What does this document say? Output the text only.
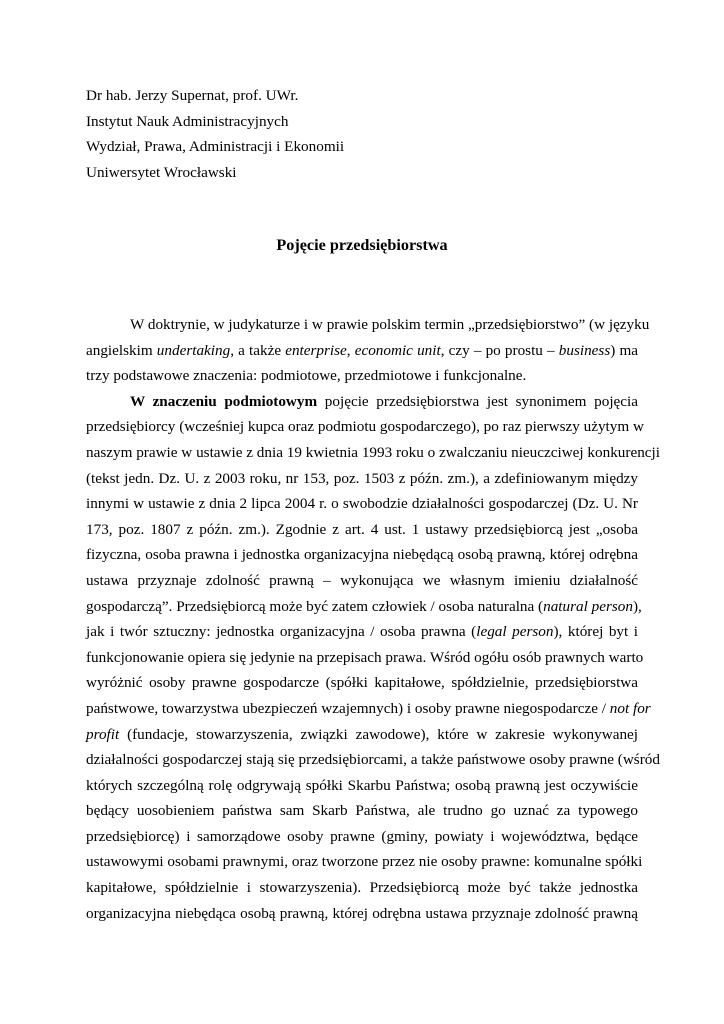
Dr hab. Jerzy Supernat, prof. UWr.
Instytut Nauk Administracyjnych
Wydział, Prawa, Administracji i Ekonomii
Uniwersytet Wrocławski
Pojęcie przedsiębiorstwa
W doktrynie, w judykaturze i w prawie polskim termin „przedsiębiorstwo” (w języku
angielskim undertaking, a także enterprise, economic unit, czy – po prostu – business) ma
trzy podstawowe znaczenia: podmiotowe, przedmiotowe i funkcjonalne.
W znaczeniu podmiotowym pojęcie przedsiębiorstwa jest synonimem pojęcia
przedsiębiorcy (wcześniej kupca oraz podmiotu gospodarczego), po raz pierwszy użytym w
naszym prawie w ustawie z dnia 19 kwietnia 1993 roku o zwalczaniu nieuczciwej konkurencji
(tekst jedn. Dz. U. z 2003 roku, nr 153, poz. 1503 z późn. zm.), a zdefiniowanym między
innymi w ustawie z dnia 2 lipca 2004 r. o swobodzie działalności gospodarczej (Dz. U. Nr
173, poz. 1807 z późn. zm.). Zgodnie z art. 4 ust. 1 ustawy przedsiębiorcą jest „osoba
fizyczna, osoba prawna i jednostka organizacyjna niebędącą osobą prawną, której odrębna
ustawa przyznaje zdolność prawną – wykonująca we własnym imieniu działalność
gospodarczą”. Przedsiębiorcą może być zatem człowiek / osoba naturalna (natural person),
jak i twór sztuczny: jednostka organizacyjna / osoba prawna (legal person), której byt i
funkcjonowanie opiera się jedynie na przepisach prawa. Wśród ogółu osób prawnych warto
wyróżnić osoby prawne gospodarcze (spółki kapitałowe, spółdzielnie, przedsiębiorstwa
państwowe, towarzystwa ubezpieczeń wzajemnych) i osoby prawne niegospodarcze / not for
profit (fundacje, stowarzyszenia, związki zawodowe), które w zakresie wykonywanej
działalności gospodarczej stają się przedsiębiorcami, a także państwowe osoby prawne (wśród
których szczególną rolę odgrywają spółki Skarbu Państwa; osobą prawną jest oczywiście
będący uosobieniem państwa sam Skarb Państwa, ale trudno go uznać za typowego
przedsiębiorcę) i samorządowe osoby prawne (gminy, powiaty i województwa, będące
ustawowymi osobami prawnymi, oraz tworzone przez nie osoby prawne: komunalne spółki
kapitałowe, spółdzielnie i stowarzyszenia). Przedsiębiorcą może być także jednostka
organizacyjna niebędąca osobą prawną, której odrębna ustawa przyznaje zdolność prawną
